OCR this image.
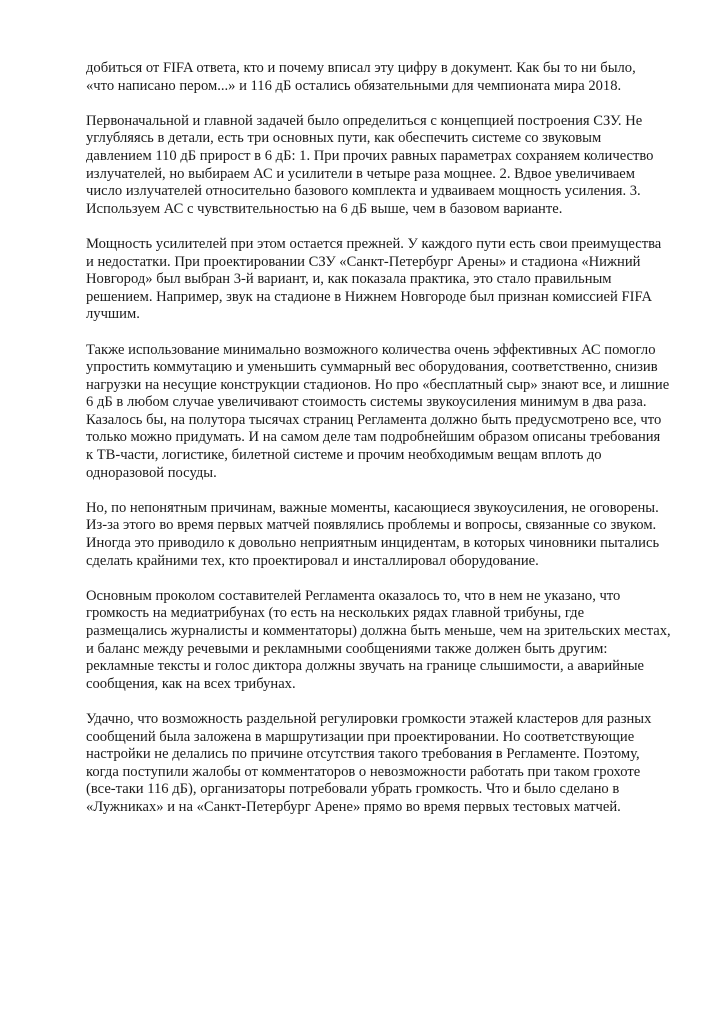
добиться от FIFA ответа, кто и почему вписал эту цифру в документ. Как бы то ни было,
«что написано пером...» и 116 дБ остались обязательными для чемпионата мира 2018.

Первоначальной и главной задачей было определиться с концепцией построения СЗУ. Не
углубляясь в детали, есть три основных пути, как обеспечить системе со звуковым
давлением 110 дБ прирост в 6 дБ: 1. При прочих равных параметрах сохраняем количество
излучателей, но выбираем АС и усилители в четыре раза мощнее. 2. Вдвое увеличиваем
число излучателей относительно базового комплекта и удваиваем мощность усиления. 3.
Используем АС с чувствительностью на 6 дБ выше, чем в базовом варианте.

Мощность усилителей при этом остается прежней. У каждого пути есть свои преимущества
и недостатки. При проектировании СЗУ «Санкт-Петербург Арены» и стадиона «Нижний
Новгород» был выбран 3-й вариант, и, как показала практика, это стало правильным
решением. Например, звук на стадионе в Нижнем Новгороде был признан комиссией FIFA
лучшим.

Также использование минимально возможного количества очень эффективных АС помогло
упростить коммутацию и уменьшить суммарный вес оборудования, соответственно, снизив
нагрузки на несущие конструкции стадионов. Но про «бесплатный сыр» знают все, и лишние
6 дБ в любом случае увеличивают стоимость системы звукоусиления минимум в два раза.
Казалось бы, на полутора тысячах страниц Регламента должно быть предусмотрено все, что
только можно придумать. И на самом деле там подробнейшим образом описаны требования
к ТВ-части, логистике, билетной системе и прочим необходимым вещам вплоть до
одноразовой посуды.

Но, по непонятным причинам, важные моменты, касающиеся звукоусиления, не оговорены.
Из-за этого во время первых матчей появлялись проблемы и вопросы, связанные со звуком.
Иногда это приводило к довольно неприятным инцидентам, в которых чиновники пытались
сделать крайними тех, кто проектировал и инсталлировал оборудование.

Основным проколом составителей Регламента оказалось то, что в нем не указано, что
громкость на медиатрибунах (то есть на нескольких рядах главной трибуны, где
размещались журналисты и комментаторы) должна быть меньше, чем на зрительских местах,
и баланс между речевыми и рекламными сообщениями также должен быть другим:
рекламные тексты и голос диктора должны звучать на границе слышимости, а аварийные
сообщения, как на всех трибунах.

Удачно, что возможность раздельной регулировки громкости этажей кластеров для разных
сообщений была заложена в маршрутизации при проектировании. Но соответствующие
настройки не делались по причине отсутствия такого требования в Регламенте. Поэтому,
когда поступили жалобы от комментаторов о невозможности работать при таком грохоте
(все-таки 116 дБ), организаторы потребовали убрать громкость. Что и было сделано в
«Лужниках» и на «Санкт-Петербург Арене» прямо во время первых тестовых матчей.
